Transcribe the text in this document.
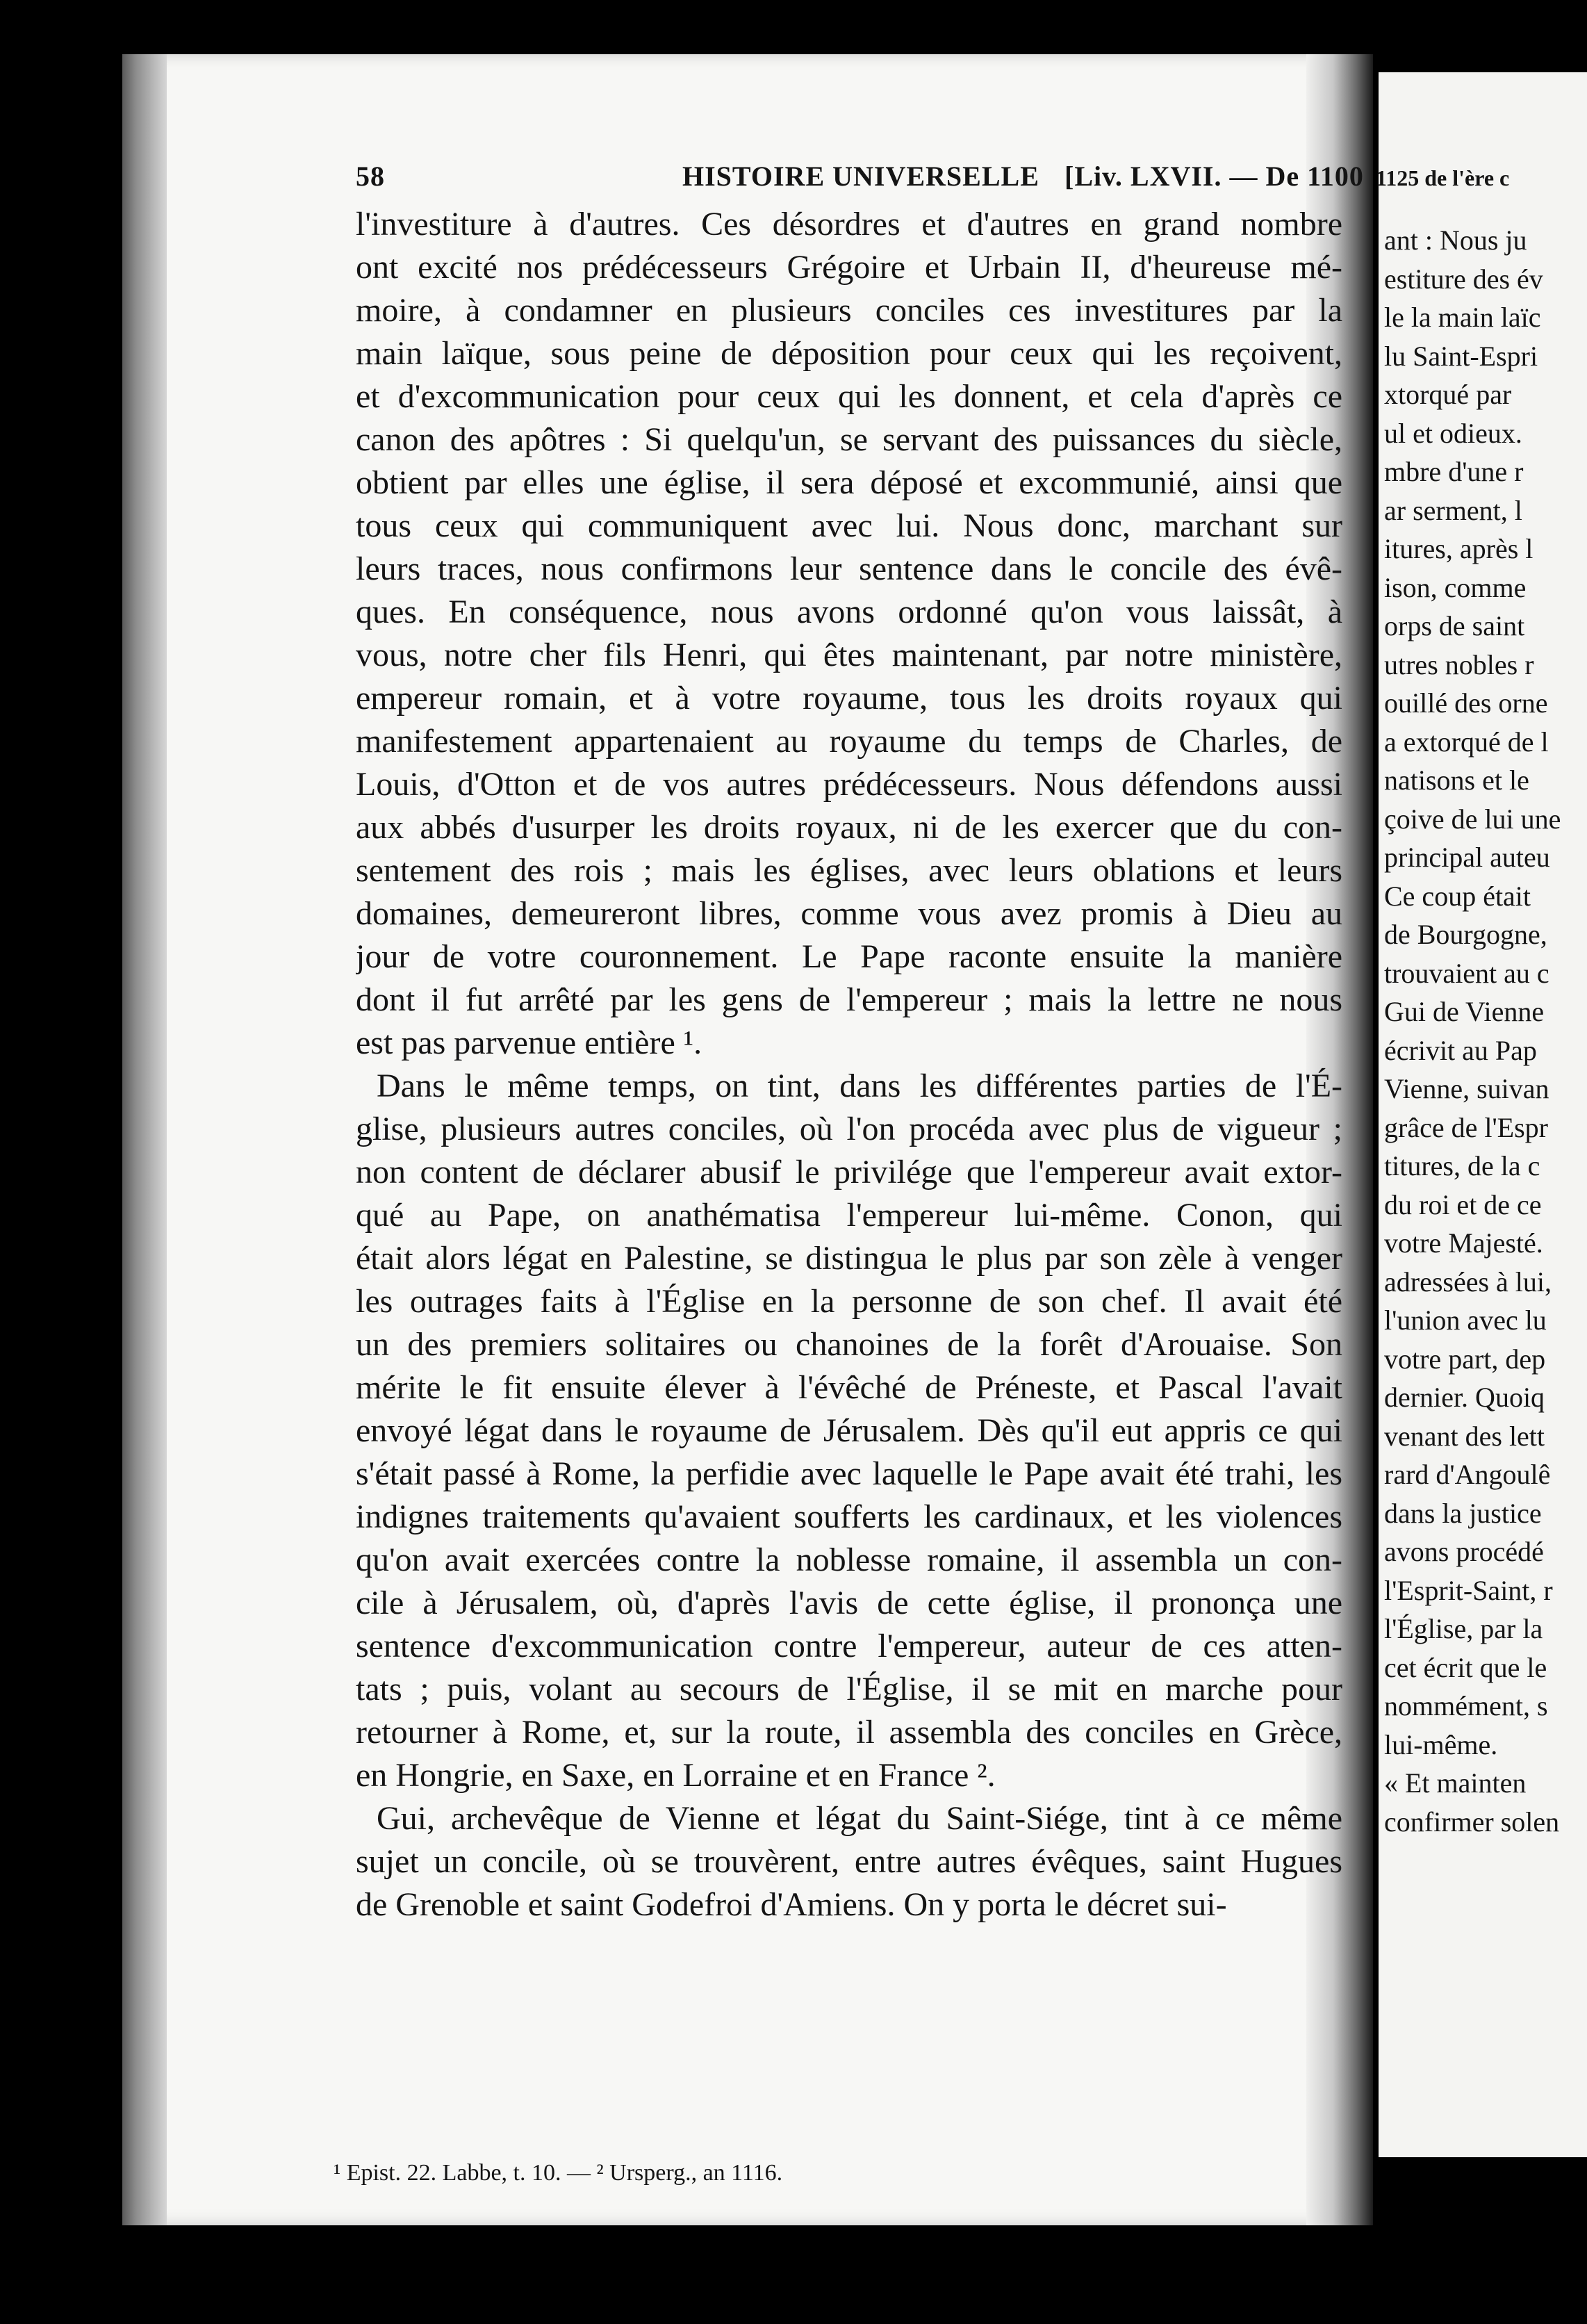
ant : Nous ju
estiture des év
le la main laïc
lu Saint-Espri
xtorqué par
ul et odieux.
mbre d'une r
ar serment, l
itures, après l
ison, comme
orps de saint
utres nobles r
ouillé des orne
a extorqué de l
natisons et le
çoive de lui une
principal auteu
Ce coup était
de Bourgogne,
trouvaient au c
Gui de Vienne
écrivit au Pap
Vienne, suivan
grâce de l'Espr
titures, de la c
du roi et de ce
votre Majesté.
adressées à lui,
l'union avec lu
votre part, dep
dernier. Quoiq
venant des lett
rard d'Angoulê
dans la justice
avons procédé
l'Esprit-Saint, r
l'Église, par la
cet écrit que le
nommément, s
lui-même.
« Et mainten
confirmer solen
1125 de l'ère c
58	HISTOIRE UNIVERSELLE [Liv. LXVII. — De 1100
l'investiture à d'autres. Ces désordres et d'autres en grand nombre
ont excité nos prédécesseurs Grégoire et Urbain II, d'heureuse mé-
moire, à condamner en plusieurs conciles ces investitures par la
main laïque, sous peine de déposition pour ceux qui les reçoivent,
et d'excommunication pour ceux qui les donnent, et cela d'après ce
canon des apôtres : Si quelqu'un, se servant des puissances du siècle,
obtient par elles une église, il sera déposé et excommunié, ainsi que
tous ceux qui communiquent avec lui. Nous donc, marchant sur
leurs traces, nous confirmons leur sentence dans le concile des évê-
ques. En conséquence, nous avons ordonné qu'on vous laissât, à
vous, notre cher fils Henri, qui êtes maintenant, par notre ministère,
empereur romain, et à votre royaume, tous les droits royaux qui
manifestement appartenaient au royaume du temps de Charles, de
Louis, d'Otton et de vos autres prédécesseurs. Nous défendons aussi
aux abbés d'usurper les droits royaux, ni de les exercer que du con-
sentement des rois ; mais les églises, avec leurs oblations et leurs
domaines, demeureront libres, comme vous avez promis à Dieu au
jour de votre couronnement. Le Pape raconte ensuite la manière
dont il fut arrêté par les gens de l'empereur ; mais la lettre ne nous
est pas parvenue entière ¹.
Dans le même temps, on tint, dans les différentes parties de l'É-
glise, plusieurs autres conciles, où l'on procéda avec plus de vigueur ;
non content de déclarer abusif le privilége que l'empereur avait extor-
qué au Pape, on anathématisa l'empereur lui-même. Conon, qui
était alors légat en Palestine, se distingua le plus par son zèle à venger
les outrages faits à l'Église en la personne de son chef. Il avait été
un des premiers solitaires ou chanoines de la forêt d'Arouaise. Son
mérite le fit ensuite élever à l'évêché de Préneste, et Pascal l'avait
envoyé légat dans le royaume de Jérusalem. Dès qu'il eut appris ce qui
s'était passé à Rome, la perfidie avec laquelle le Pape avait été trahi, les
indignes traitements qu'avaient soufferts les cardinaux, et les violences
qu'on avait exercées contre la noblesse romaine, il assembla un con-
cile à Jérusalem, où, d'après l'avis de cette église, il prononça une
sentence d'excommunication contre l'empereur, auteur de ces atten-
tats ; puis, volant au secours de l'Église, il se mit en marche pour
retourner à Rome, et, sur la route, il assembla des conciles en Grèce,
en Hongrie, en Saxe, en Lorraine et en France ².
Gui, archevêque de Vienne et légat du Saint-Siége, tint à ce même
sujet un concile, où se trouvèrent, entre autres évêques, saint Hugues
de Grenoble et saint Godefroi d'Amiens. On y porta le décret sui-
¹ Epist. 22. Labbe, t. 10. — ² Ursperg., an 1116.
